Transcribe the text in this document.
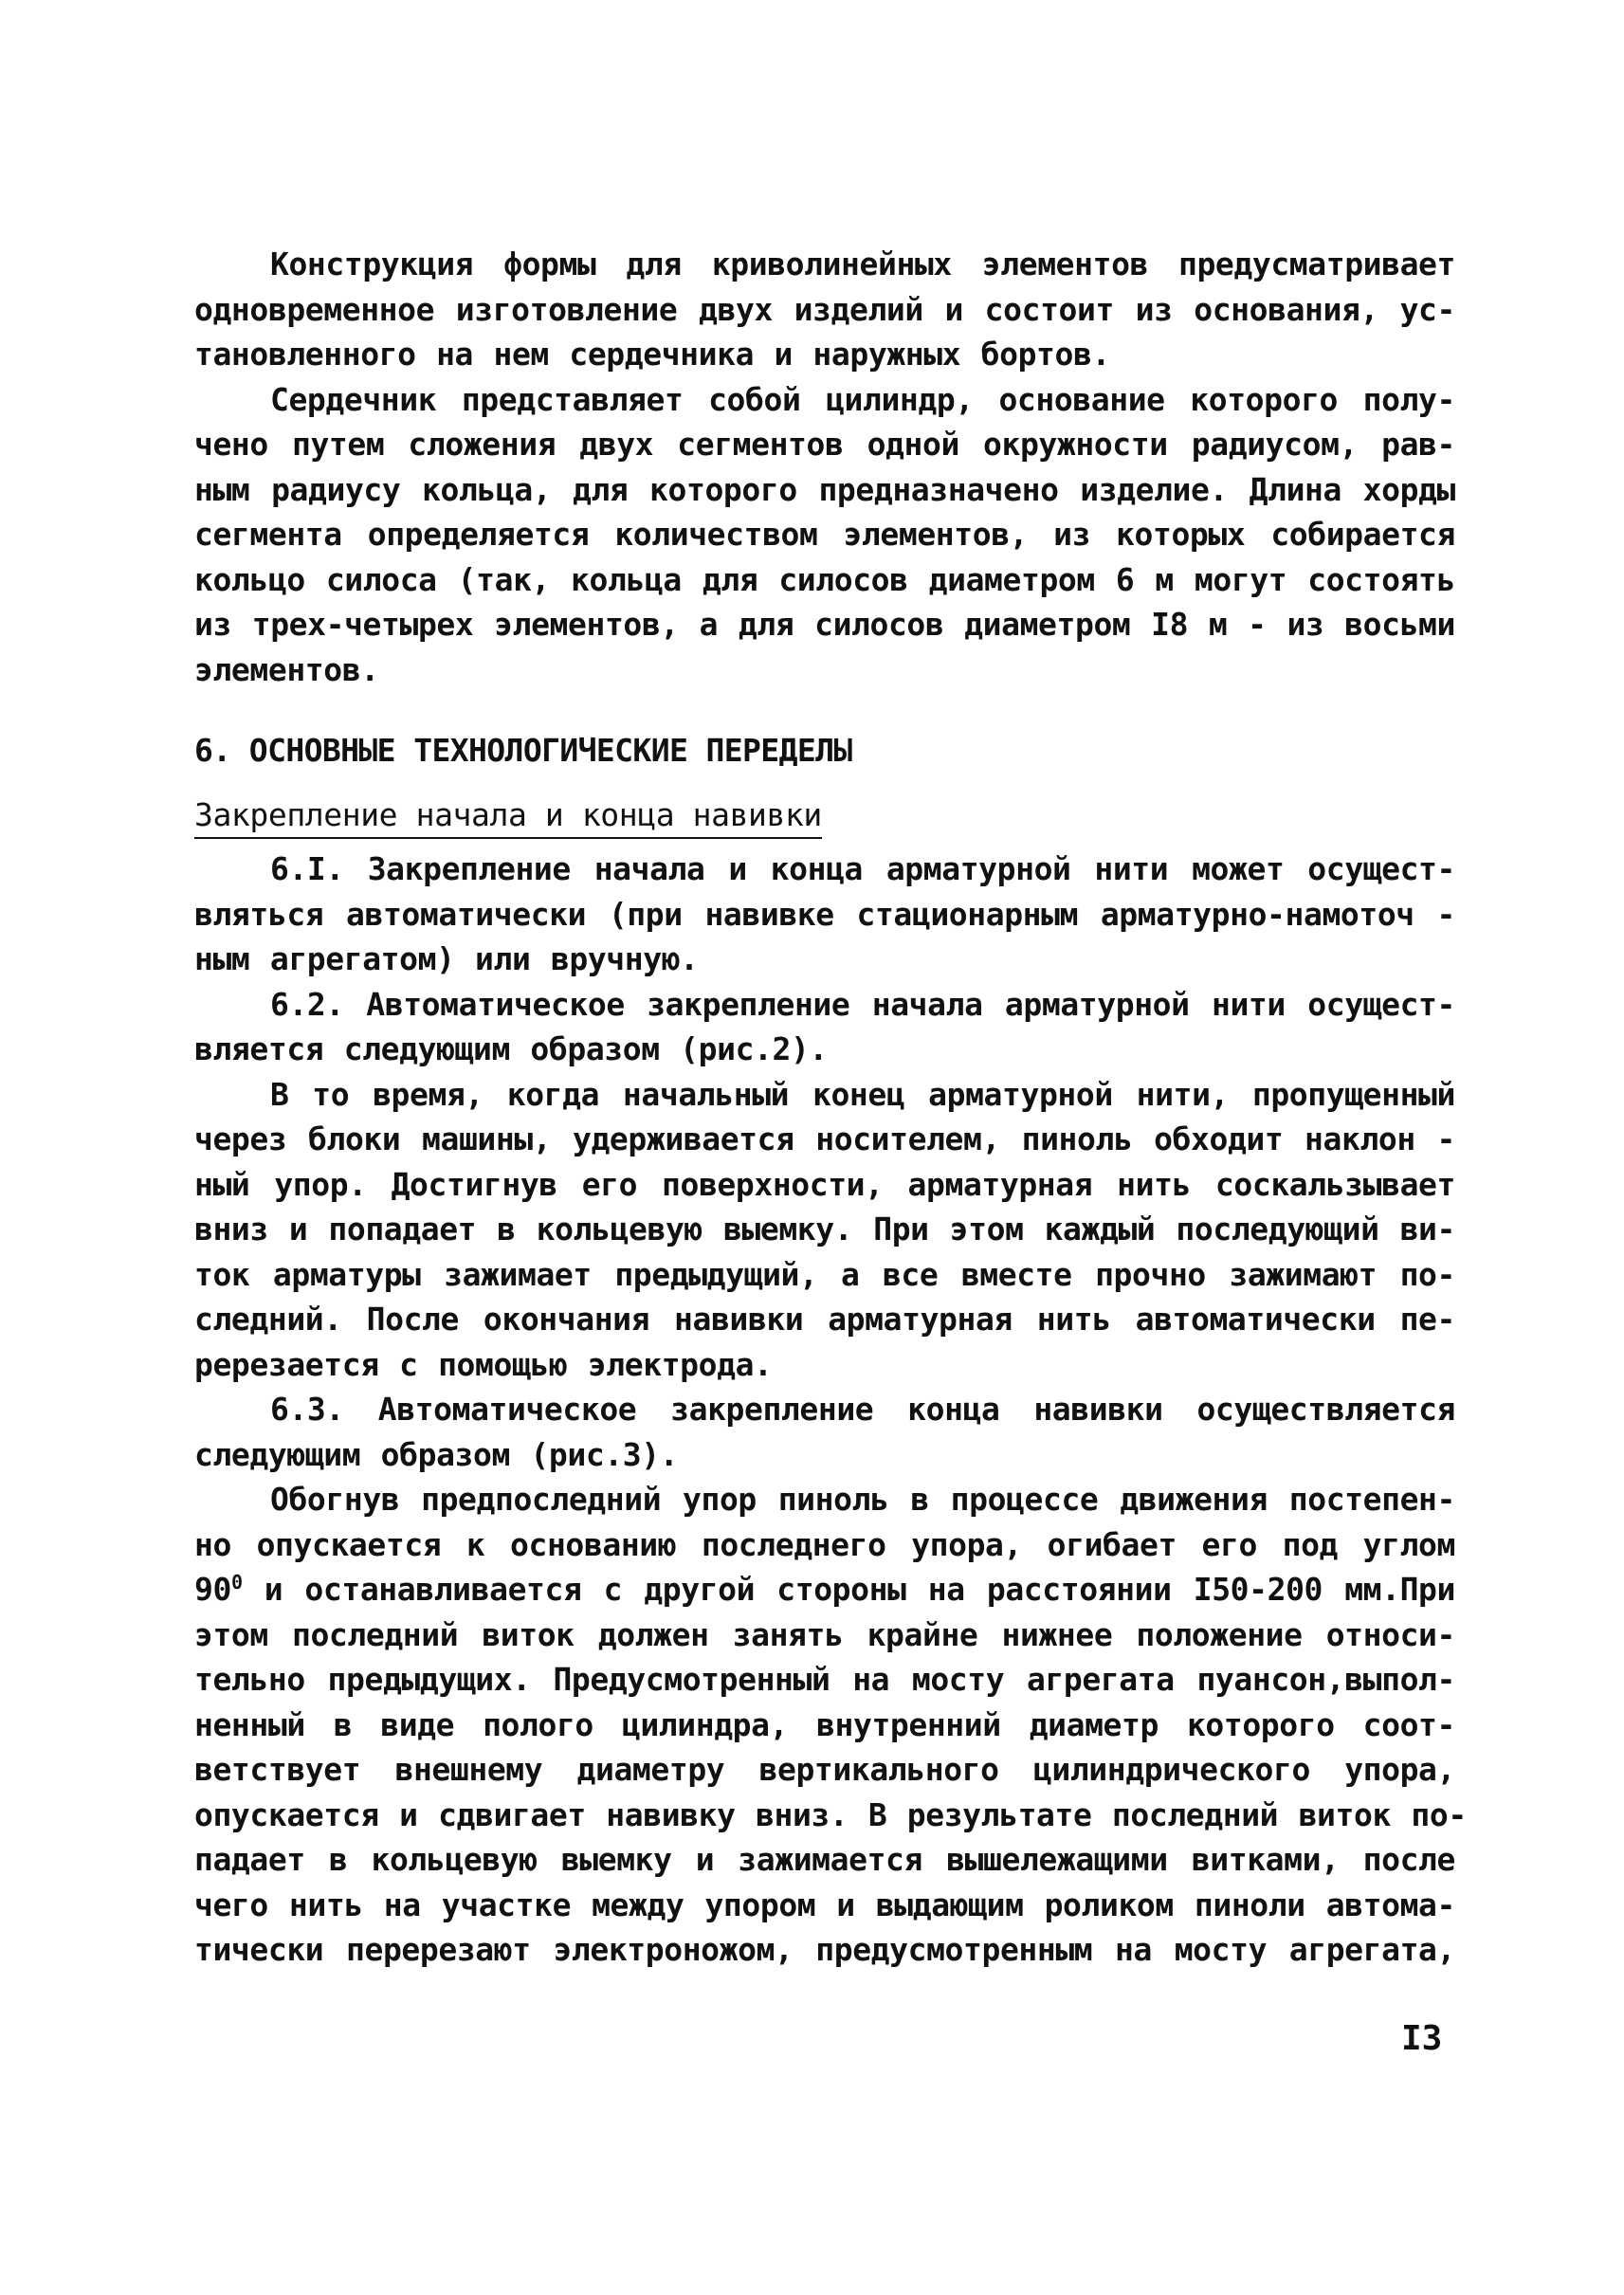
Конструкция формы для криволинейных элементов предусматривает
одновременное изготовление двух изделий и состоит из основания, ус-
тановленного на нем сердечника и наружных бортов.

Сердечник представляет собой цилиндр, основание которого полу-
чено путем сложения двух сегментов одной окружности радиусом, рав-
ным радиусу кольца, для которого предназначено изделие. Длина хорды
сегмента определяется количеством элементов, из которых собирается
кольцо силоса (так, кольца для силосов диаметром 6 м могут состоять
из трех-четырех элементов, а для силосов диаметром I8 м - из восьми
элементов.

6. ОСНОВНЫЕ ТЕХНОЛОГИЧЕСКИЕ ПЕРЕДЕЛЫ
Закрепление начала и конца навивки

6.I. Закрепление начала и конца арматурной нити может осущест-
вляться автоматически (при навивке стационарным арматурно-намоточ -
ным агрегатом) или вручную.

6.2. Автоматическое закрепление начала арматурной нити осущест-
вляется следующим образом (рис.2).

В то время, когда начальный конец арматурной нити, пропущенный
через блоки машины, удерживается носителем, пиноль обходит наклон -
ный упор. Достигнув его поверхности, арматурная нить соскальзывает
вниз и попадает в кольцевую выемку. При этом каждый последующий ви-
ток арматуры зажимает предыдущий, а все вместе прочно зажимают по-
следний. После окончания навивки арматурная нить автоматически пе-
ререзается с помощью электрода.

6.3. Автоматическое закрепление конца навивки осуществляется
следующим образом (рис.3).

Обогнув предпоследний упор пиноль в процессе движения постепен-
но опускается к основанию последнего упора, огибает его под углом
$90^0$ и останавливается с другой стороны на расстоянии I50-200 мм.При
этом последний виток должен занять крайне нижнее положение относи-
тельно предыдущих. Предусмотренный на мосту агрегата пуансон,выпол-
ненный в виде полого цилиндра, внутренний диаметр которого соот-
ветствует внешнему диаметру вертикального цилиндрического упора,
опускается и сдвигает навивку вниз. В результате последний виток по-
падает в кольцевую выемку и зажимается вышележащими витками, после
чего нить на участке между упором и выдающим роликом пиноли автома-
тически перерезают электроножом, предусмотренным на мосту агрегата,

I3
